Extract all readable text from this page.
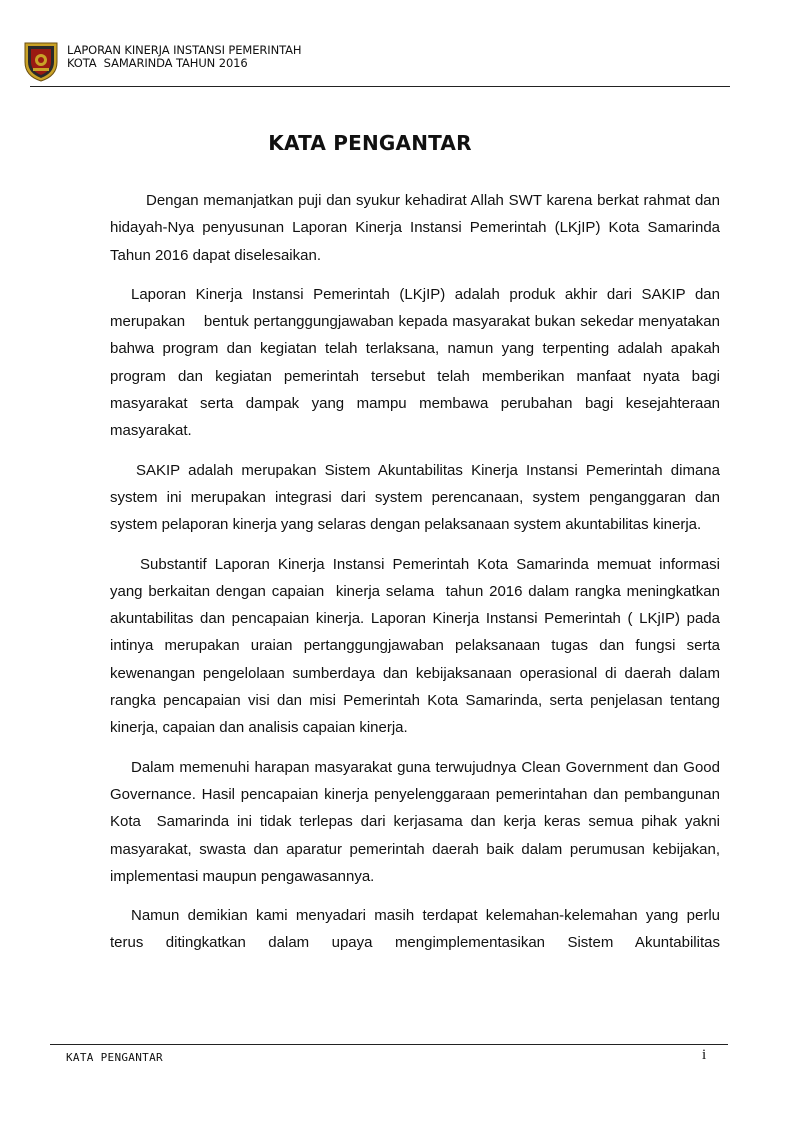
LAPORAN KINERJA INSTANSI PEMERINTAH
KOTA  SAMARINDA TAHUN 2016
KATA PENGANTAR

Dengan memanjatkan puji dan syukur kehadirat Allah SWT karena berkat rahmat dan hidayah-Nya penyusunan Laporan Kinerja Instansi Pemerintah (LKjIP) Kota Samarinda Tahun 2016 dapat diselesaikan.

Laporan Kinerja Instansi Pemerintah (LKjIP) adalah produk akhir dari SAKIP dan merupakan    bentuk pertanggungjawaban kepada masyarakat bukan sekedar menyatakan bahwa program dan kegiatan telah terlaksana, namun yang terpenting adalah apakah program dan kegiatan pemerintah tersebut telah memberikan manfaat nyata bagi masyarakat serta dampak yang mampu membawa perubahan bagi kesejahteraan masyarakat.

SAKIP adalah merupakan Sistem Akuntabilitas Kinerja Instansi Pemerintah dimana system ini merupakan integrasi dari system perencanaan, system penganggaran dan system pelaporan kinerja yang selaras dengan pelaksanaan system akuntabilitas kinerja.

Substantif Laporan Kinerja Instansi Pemerintah Kota Samarinda memuat informasi yang berkaitan dengan capaian  kinerja selama  tahun 2016 dalam rangka meningkatkan akuntabilitas dan pencapaian kinerja. Laporan Kinerja Instansi Pemerintah ( LKjIP) pada intinya merupakan uraian pertanggungjawaban pelaksanaan tugas dan fungsi serta kewenangan pengelolaan sumberdaya dan kebijaksanaan operasional di daerah dalam rangka pencapaian visi dan misi Pemerintah Kota Samarinda, serta penjelasan tentang kinerja, capaian dan analisis capaian kinerja.

Dalam memenuhi harapan masyarakat guna terwujudnya Clean Government dan Good Governance. Hasil pencapaian kinerja penyelenggaraan pemerintahan dan pembangunan Kota  Samarinda ini tidak terlepas dari kerjasama dan kerja keras semua pihak yakni masyarakat, swasta dan aparatur pemerintah daerah baik dalam perumusan kebijakan, implementasi maupun pengawasannya.

Namun demikian kami menyadari masih terdapat kelemahan-kelemahan yang perlu terus ditingkatkan dalam upaya mengimplementasikan Sistem Akuntabilitas

KATA PENGANTAR	i
